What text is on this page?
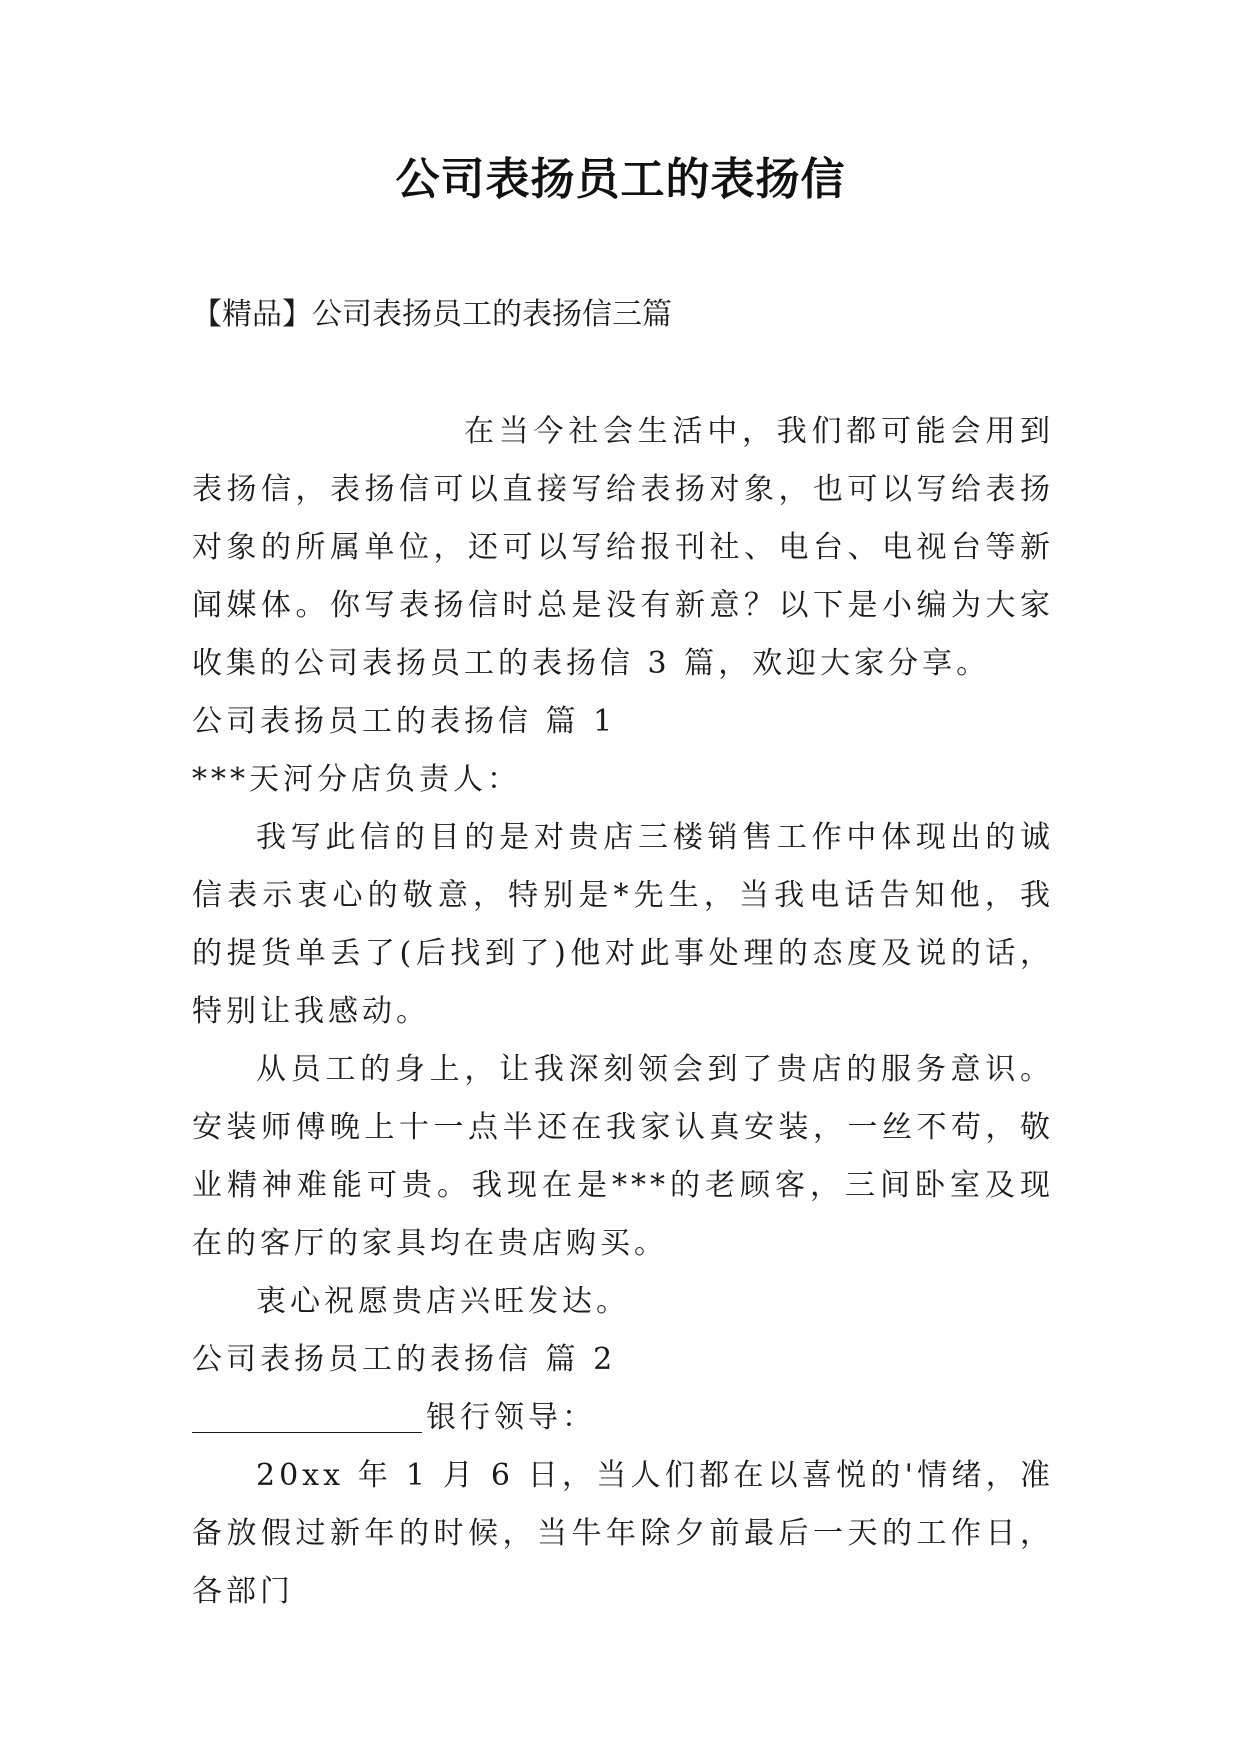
公司表扬员工的表扬信
【精品】公司表扬员工的表扬信三篇

在当今社会生活中，我们都可能会用到表扬信，表扬信可以直接写给表扬对象，也可以写给表扬对象的所属单位，还可以写给报刊社、电台、电视台等新闻媒体。你写表扬信时总是没有新意？以下是小编为大家收集的公司表扬员工的表扬信 3 篇，欢迎大家分享。

公司表扬员工的表扬信 篇 1

***天河分店负责人：

我写此信的目的是对贵店三楼销售工作中体现出的诚信表示衷心的敬意，特别是*先生，当我电话告知他，我的提货单丢了(后找到了)他对此事处理的态度及说的话，特别让我感动。

从员工的身上，让我深刻领会到了贵店的服务意识。安装师傅晚上十一点半还在我家认真安装，一丝不苟，敬业精神难能可贵。我现在是***的老顾客，三间卧室及现在的客厅的家具均在贵店购买。

衷心祝愿贵店兴旺发达。

公司表扬员工的表扬信 篇 2

银行领导：

20xx 年 1 月 6 日，当人们都在以喜悦的'情绪，准备放假过新年的时候，当牛年除夕前最后一天的工作日，各部门
